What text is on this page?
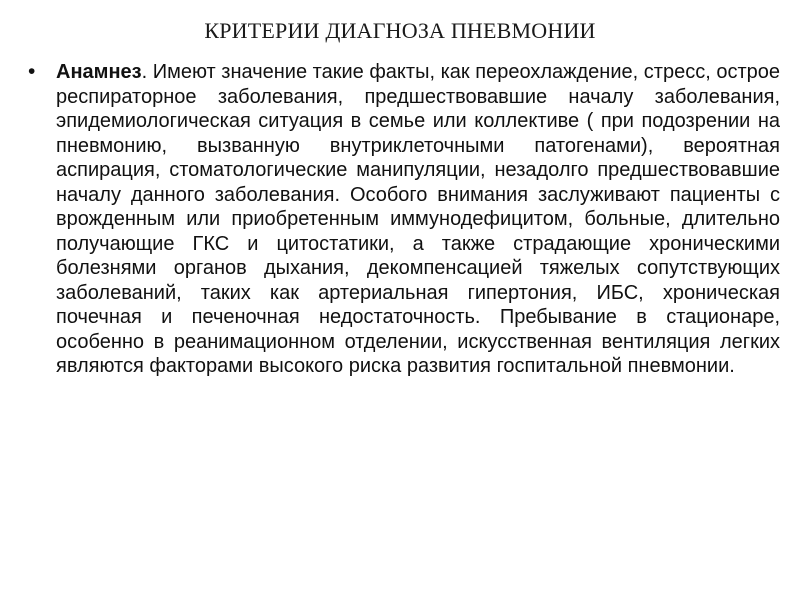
КРИТЕРИИ ДИАГНОЗА ПНЕВМОНИИ
• Анамнез. Имеют значение такие факты, как переохлаждение, стресс, острое респираторное заболевания, предшествовавшие началу заболевания, эпидемиологическая ситуация в семье или коллективе ( при подозрении на пневмонию, вызванную внутриклеточными патогенами), вероятная аспирация, стоматологические манипуляции, незадолго предшествовавшие началу данного заболевания. Особого внимания заслуживают пациенты с врожденным или приобретенным иммунодефицитом, больные, длительно получающие ГКС и цитостатики, а также страдающие хроническими болезнями органов дыхания, декомпенсацией тяжелых сопутствующих заболеваний, таких как артериальная гипертония, ИБС, хроническая почечная и печеночная недостаточность. Пребывание в стационаре, особенно в реанимационном отделении, искусственная вентиляция легких являются факторами высокого риска развития госпитальной пневмонии.
